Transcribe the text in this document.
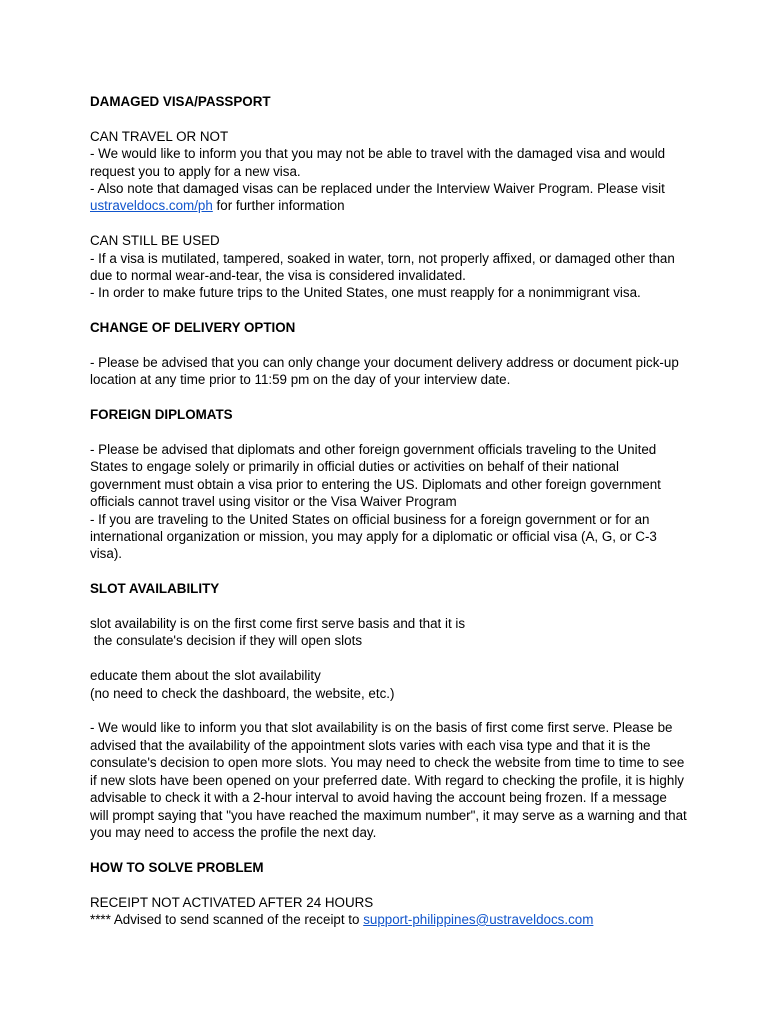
DAMAGED VISA/PASSPORT

CAN TRAVEL OR NOT

- We would like to inform you that you may not be able to travel with the damaged visa and would request you to apply for a new visa.

- Also note that damaged visas can be replaced under the Interview Waiver Program. Please visit ustraveldocs.com/ph for further information

CAN STILL BE USED

- If a visa is mutilated, tampered, soaked in water, torn, not properly affixed, or damaged other than due to normal wear-and-tear, the visa is considered invalidated.

- In order to make future trips to the United States, one must reapply for a nonimmigrant visa.

CHANGE OF DELIVERY OPTION

- Please be advised that you can only change your document delivery address or document pick-up location at any time prior to 11:59 pm on the day of your interview date.

FOREIGN DIPLOMATS

- Please be advised that diplomats and other foreign government officials traveling to the United States to engage solely or primarily in official duties or activities on behalf of their national government must obtain a visa prior to entering the US. Diplomats and other foreign government officials cannot travel using visitor or the Visa Waiver Program

- If you are traveling to the United States on official business for a foreign government or for an international organization or mission, you may apply for a diplomatic or official visa (A, G, or C-3 visa).

SLOT AVAILABILITY

slot availability is on the first come first serve basis and that it is

the consulate's decision if they will open slots

educate them about the slot availability

(no need to check the dashboard, the website, etc.)

- We would like to inform you that slot availability is on the basis of first come first serve. Please be advised that the availability of the appointment slots varies with each visa type and that it is the consulate's decision to open more slots. You may need to check the website from time to time to see if new slots have been opened on your preferred date. With regard to checking the profile, it is highly advisable to check it with a 2-hour interval to avoid having the account being frozen. If a message will prompt saying that "you have reached the maximum number", it may serve as a warning and that you may need to access the profile the next day.

HOW TO SOLVE PROBLEM

RECEIPT NOT ACTIVATED AFTER 24 HOURS

**** Advised to send scanned of the receipt to support-philippines@ustraveldocs.com
